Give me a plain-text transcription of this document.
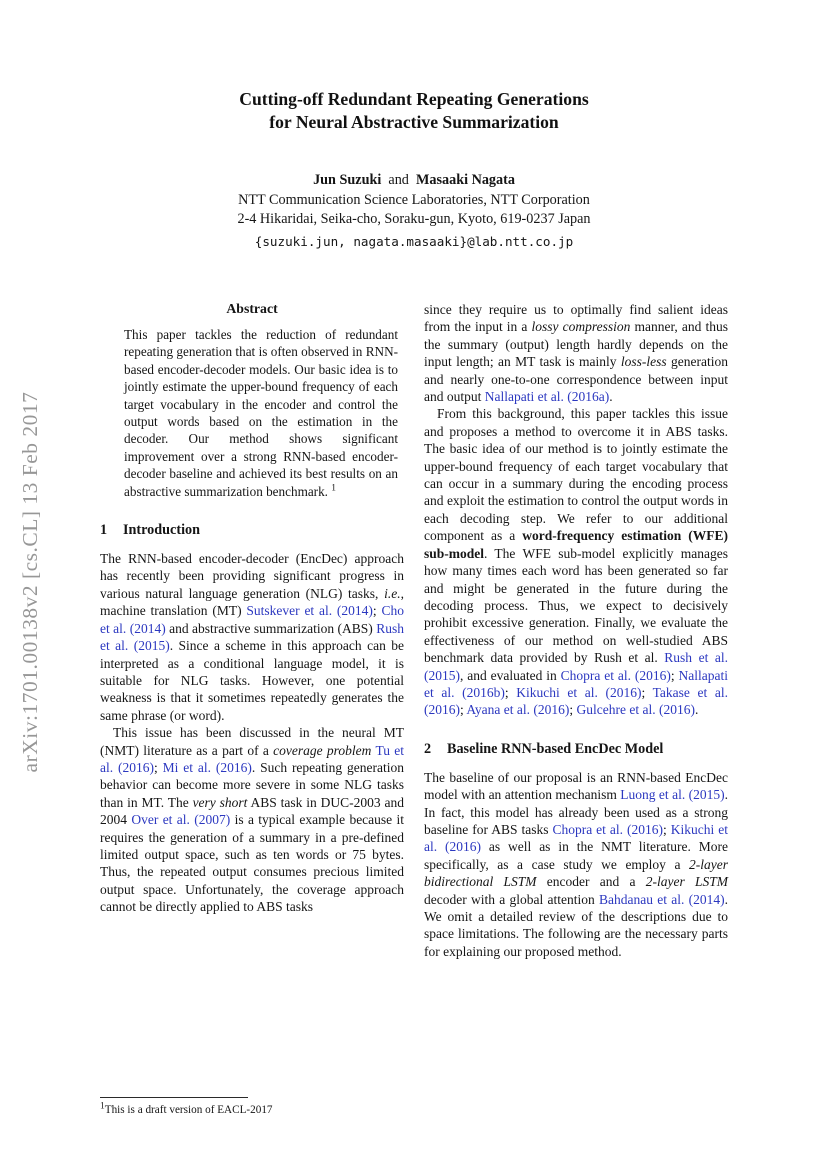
arXiv:1701.00138v2 [cs.CL] 13 Feb 2017
Cutting-off Redundant Repeating Generations
for Neural Abstractive Summarization
Jun Suzuki and Masaaki Nagata
NTT Communication Science Laboratories, NTT Corporation
2-4 Hikaridai, Seika-cho, Soraku-gun, Kyoto, 619-0237 Japan
{suzuki.jun, nagata.masaaki}@lab.ntt.co.jp
Abstract
This paper tackles the reduction of redundant repeating generation that is often observed in RNN-based encoder-decoder models. Our basic idea is to jointly estimate the upper-bound frequency of each target vocabulary in the encoder and control the output words based on the estimation in the decoder. Our method shows significant improvement over a strong RNN-based encoder-decoder baseline and achieved its best results on an abstractive summarization benchmark. $^1$
1 Introduction
The RNN-based encoder-decoder (EncDec) approach has recently been providing significant progress in various natural language generation (NLG) tasks, i.e., machine translation (MT) Sutskever et al. (2014); Cho et al. (2014) and abstractive summarization (ABS) Rush et al. (2015). Since a scheme in this approach can be interpreted as a conditional language model, it is suitable for NLG tasks. However, one potential weakness is that it sometimes repeatedly generates the same phrase (or word).
This issue has been discussed in the neural MT (NMT) literature as a part of a coverage problem Tu et al. (2016); Mi et al. (2016). Such repeating generation behavior can become more severe in some NLG tasks than in MT. The very short ABS task in DUC-2003 and 2004 Over et al. (2007) is a typical example because it requires the generation of a summary in a pre-defined limited output space, such as ten words or 75 bytes. Thus, the repeated output consumes precious limited output space. Unfortunately, the coverage approach cannot be directly applied to ABS tasks
$^1$This is a draft version of EACL-2017
since they require us to optimally find salient ideas from the input in a lossy compression manner, and thus the summary (output) length hardly depends on the input length; an MT task is mainly loss-less generation and nearly one-to-one correspondence between input and output Nallapati et al. (2016a).
From this background, this paper tackles this issue and proposes a method to overcome it in ABS tasks. The basic idea of our method is to jointly estimate the upper-bound frequency of each target vocabulary that can occur in a summary during the encoding process and exploit the estimation to control the output words in each decoding step. We refer to our additional component as a word-frequency estimation (WFE) sub-model. The WFE sub-model explicitly manages how many times each word has been generated so far and might be generated in the future during the decoding process. Thus, we expect to decisively prohibit excessive generation. Finally, we evaluate the effectiveness of our method on well-studied ABS benchmark data provided by Rush et al. Rush et al. (2015), and evaluated in Chopra et al. (2016); Nallapati et al. (2016b); Kikuchi et al. (2016); Takase et al. (2016); Ayana et al. (2016); Gulcehre et al. (2016).
2 Baseline RNN-based EncDec Model
The baseline of our proposal is an RNN-based EncDec model with an attention mechanism Luong et al. (2015). In fact, this model has already been used as a strong baseline for ABS tasks Chopra et al. (2016); Kikuchi et al. (2016) as well as in the NMT literature. More specifically, as a case study we employ a 2-layer bidirectional LSTM encoder and a 2-layer LSTM decoder with a global attention Bahdanau et al. (2014). We omit a detailed review of the descriptions due to space limitations. The following are the necessary parts for explaining our proposed method.
